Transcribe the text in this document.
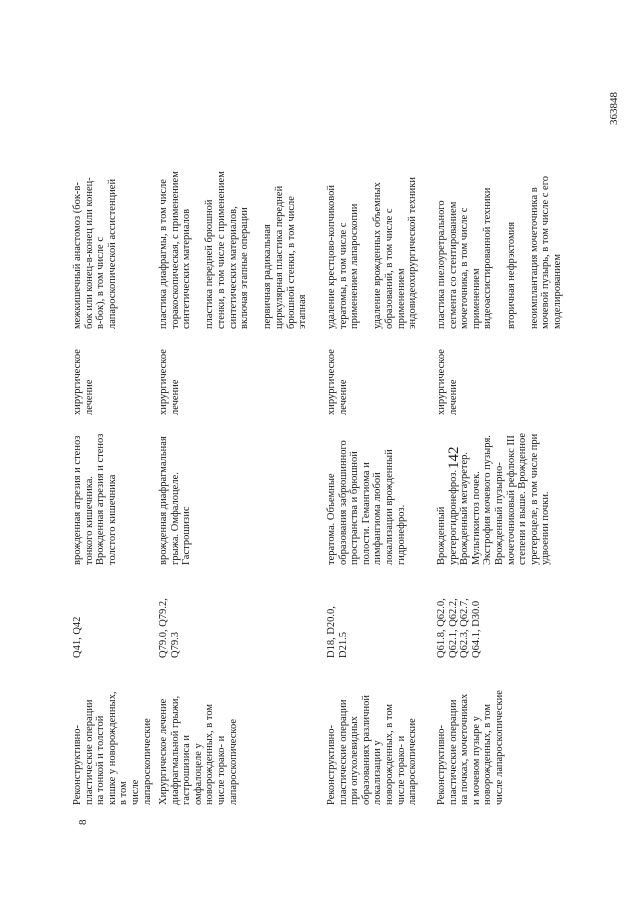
142
363848
8
Реконструктивно-
пластические операции
на тонкой и толстой
кишке у новорожденных,
в том
числе
лапароскопические
Q41, Q42
врожденная атрезия и стеноз
тонкого кишечника.
Врожденная атрезия и стеноз
толстого кишечника
хирургическое
лечение
межкишечный анастомоз (бок-в-
бок или конец-в-конец или конец-
в-бок), в том числе с
лапароскопической ассистенцией
Хирургическое лечение
диафрагмальной грыжи,
гастрошизиса и
омфалоцеле у
новорожденных, в том
числе торако- и
лапароскопическое
Q79.0, Q79.2, Q79.3
врожденная диафрагмальная
грыжа. Омфалоцеле.
Гастрошизис
хирургическое
лечение
пластика диафрагмы, в том числе
торакоскопическая, с применением
синтетических материалов

пластика передней брюшной
стенки, в том числе с применением
синтетических материалов,
включая этапные операции

первичная радикальная
циркулярная пластика передней
брюшной стенки, в том числе
этапная
Реконструктивно-
пластические операции
при опухолевидных
образованиях различной
локализации у
новорожденных, в том
числе торако- и
лапароскопические
D18, D20.0, D21.5
тератома. Объемные
образования забрюшинного
пространства и брюшной
полости. Гемангиома и
лимфангиома любой
локализации врожденный
гидронефроз.
хирургическое
лечение
удаление крестцово-копчиковой
тератомы, в том числе с
применением лапароскопии

удаление врожденных объемных
образований, в том числе с
применением
эндовидеохирургической техники
Реконструктивно-
пластические операции
на почках, мочеточниках
и мочевом пузыре у
новорожденных, в том
числе лапароскопические
Q61.8, Q62.0,
Q62.1, Q62.2,
Q62.3, Q62.7,
Q64.1, D30.0
Врожденный
уретерогидронефроз.
Врожденный мегауретер.
Мультикистоз почек.
Экстрофия мочевого пузыря.
Врожденный пузырно-
мочеточниковый рефлюкс III
степени и выше. Врожденное
уретероцеле, в том числе при
удвоении почки.
хирургическое
лечение
пластика пиелоуретрального
сегмента со стентированием
мочеточника, в том числе с
применением
видеоассистированной техники

вторичная нефрэктомия

неоимплантация мочеточника в
мочевой пузырь, в том числе с его
моделированием
